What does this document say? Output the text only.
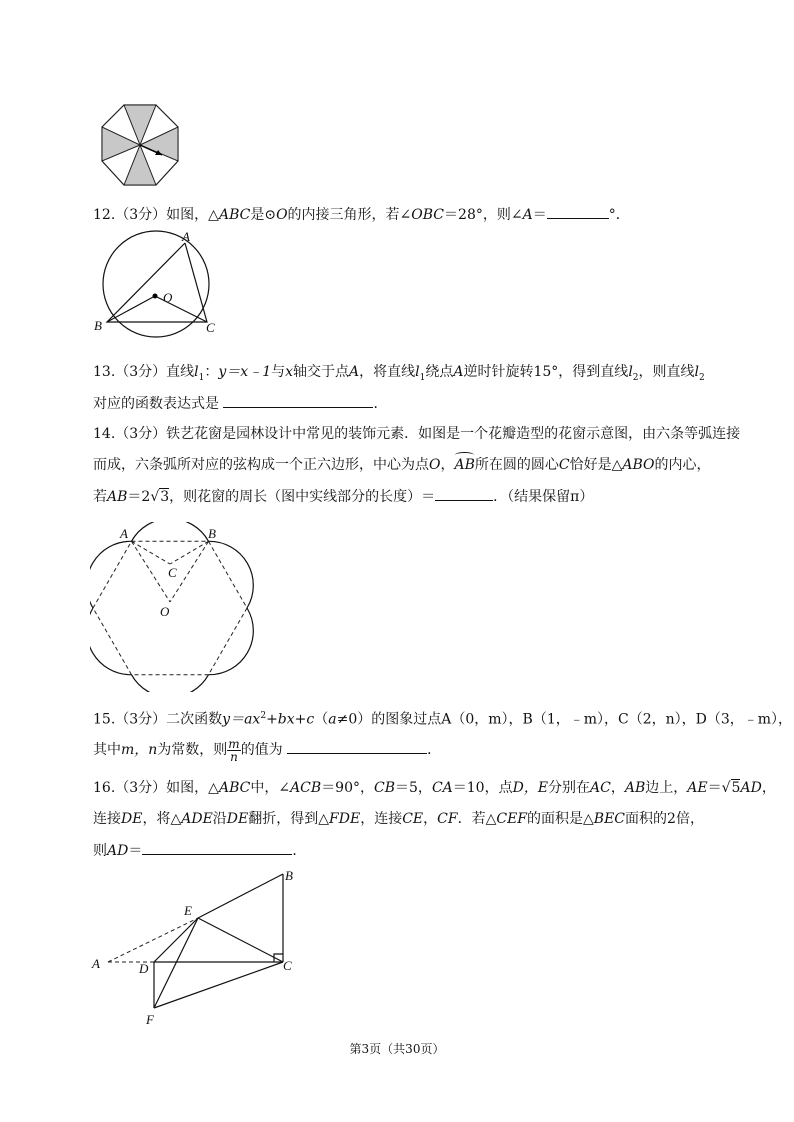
12.（3分）如图，△ABC是⊙O的内接三角形，若∠OBC＝28°，则∠A＝	°．
A
B	C
O
13.（3分）直线$l_1$：y＝x﹣1与x轴交于点A，将直线$l_1$绕点A逆时针旋转15°，得到直线$l_2$，则直线$l_2$
对应的函数表达式是	．
14.（3分）铁艺花窗是园林设计中常见的装饰元素．如图是一个花瓣造型的花窗示意图，由六条等弧连接
而成，六条弧所对应的弦构成一个正六边形，中心为点O，
AB所在圆的圆心C恰好是△ABO的内心，
若AB＝2√3，则花窗的周长（图中实线部分的长度）＝	．（结果保留π）
A	B
C
O
15.（3分）二次函数$y=ax^2+bx+c(a\ne 0)$的图象过点A（0，m），B（1，﹣m），C（2，n），D（3，﹣m），
其中m，n为常数，则 $\frac{m}{n}$ 的值为	．
16.（3分）如图，△ABC中，∠ACB＝90°，CB＝5，CA＝10，点D，E分别在AC，AB边上，AE＝√5AD，
连接DE，将△ADE沿DE翻折，得到△FDE，连接CE，CF．若△CEF的面积是△BEC面积的2倍，
则AD＝	．
A
B
C
D
E
F
第3页（共30页）
